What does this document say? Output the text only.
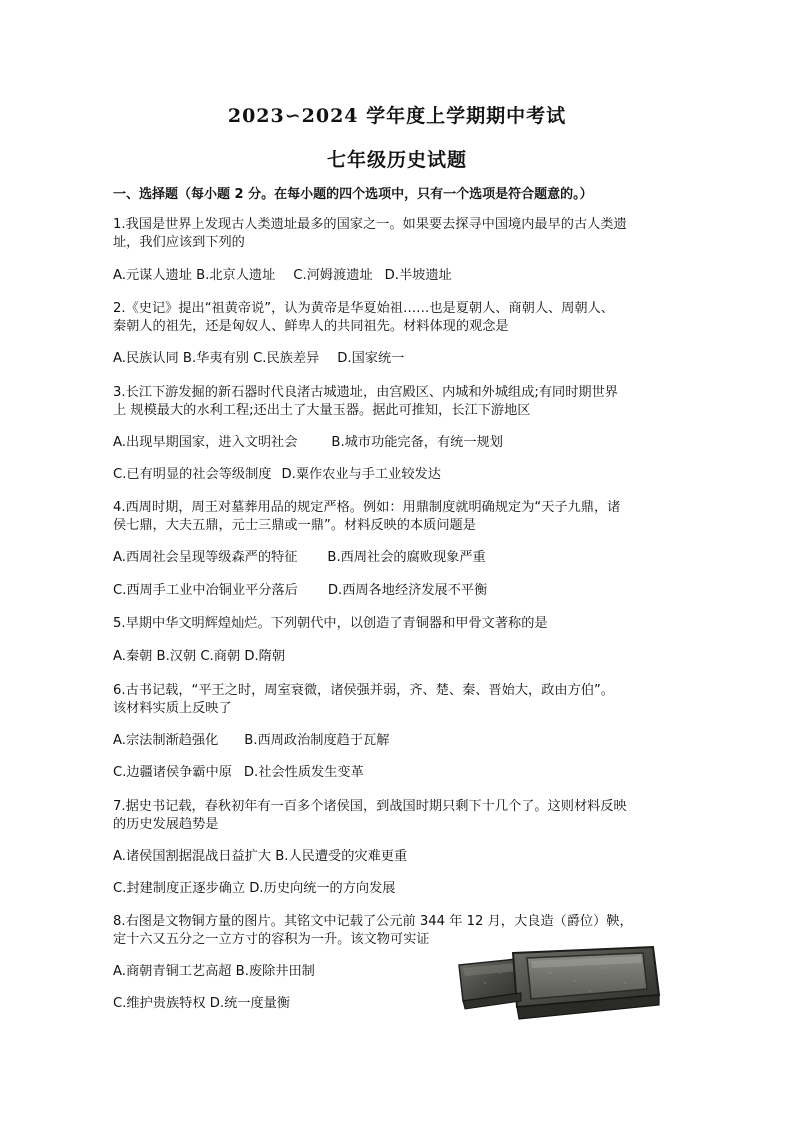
2023∽2024 学年度上学期期中考试
七年级历史试题
一、选择题（每小题 2 分。在每小题的四个选项中，只有一个选项是符合题意的。）
1.我国是世界上发现古人类遗址最多的国家之一。如果要去探寻中国境内最早的古人类遗
址，我们应该到下列的
A.元谋人遗址 B.北京人遗址 C.河姆渡遗址 D.半坡遗址
2.《史记》提出“祖黄帝说”，认为黄帝是华夏始祖……也是夏朝人、商朝人、周朝人、
秦朝人的祖先，还是匈奴人、鲜卑人的共同祖先。材料体现的观念是
A.民族认同 B.华夷有别 C.民族差异 D.国家统一
3.长江下游发掘的新石器时代良渚古城遗址，由宫殿区、内城和外城组成;有同时期世界
上 规模最大的水利工程;还出土了大量玉器。据此可推知，长江下游地区
A.出现早期国家，进入文明社会	B.城市功能完备，有统一规划
C.已有明显的社会等级制度 D.粟作农业与手工业较发达
4.西周时期，周王对墓葬用品的规定严格。例如：用鼎制度就明确规定为“天子九鼎，诸
侯七鼎，大夫五鼎，元士三鼎或一鼎”。材料反映的本质问题是
A.西周社会呈现等级森严的特征 B.西周社会的腐败现象严重
C.西周手工业中冶铜业平分落后 D.西周各地经济发展不平衡
5.早期中华文明辉煌灿烂。下列朝代中，以创造了青铜器和甲骨文著称的是
A.秦朝 B.汉朝 C.商朝 D.隋朝
6.古书记载，“平王之时，周室衰微，诸侯强并弱，齐、楚、秦、晋始大，政由方伯”。
该材料实质上反映了
A.宗法制渐趋强化 B.西周政治制度趋于瓦解
C.边疆诸侯争霸中原 D.社会性质发生变革
7.据史书记载，春秋初年有一百多个诸侯国，到战国时期只剩下十几个了。这则材料反映
的历史发展趋势是
A.诸侯国割据混战日益扩大 B.人民遭受的灾难更重
C.封建制度正逐步确立 D.历史向统一的方向发展
8.右图是文物铜方量的图片。其铭文中记载了公元前 344 年 12 月，大良造（爵位）鞅，
定十六又五分之一立方寸的容积为一升。该文物可实证
A.商朝青铜工艺高超 B.废除井田制
C.维护贵族特权 D.统一度量衡
